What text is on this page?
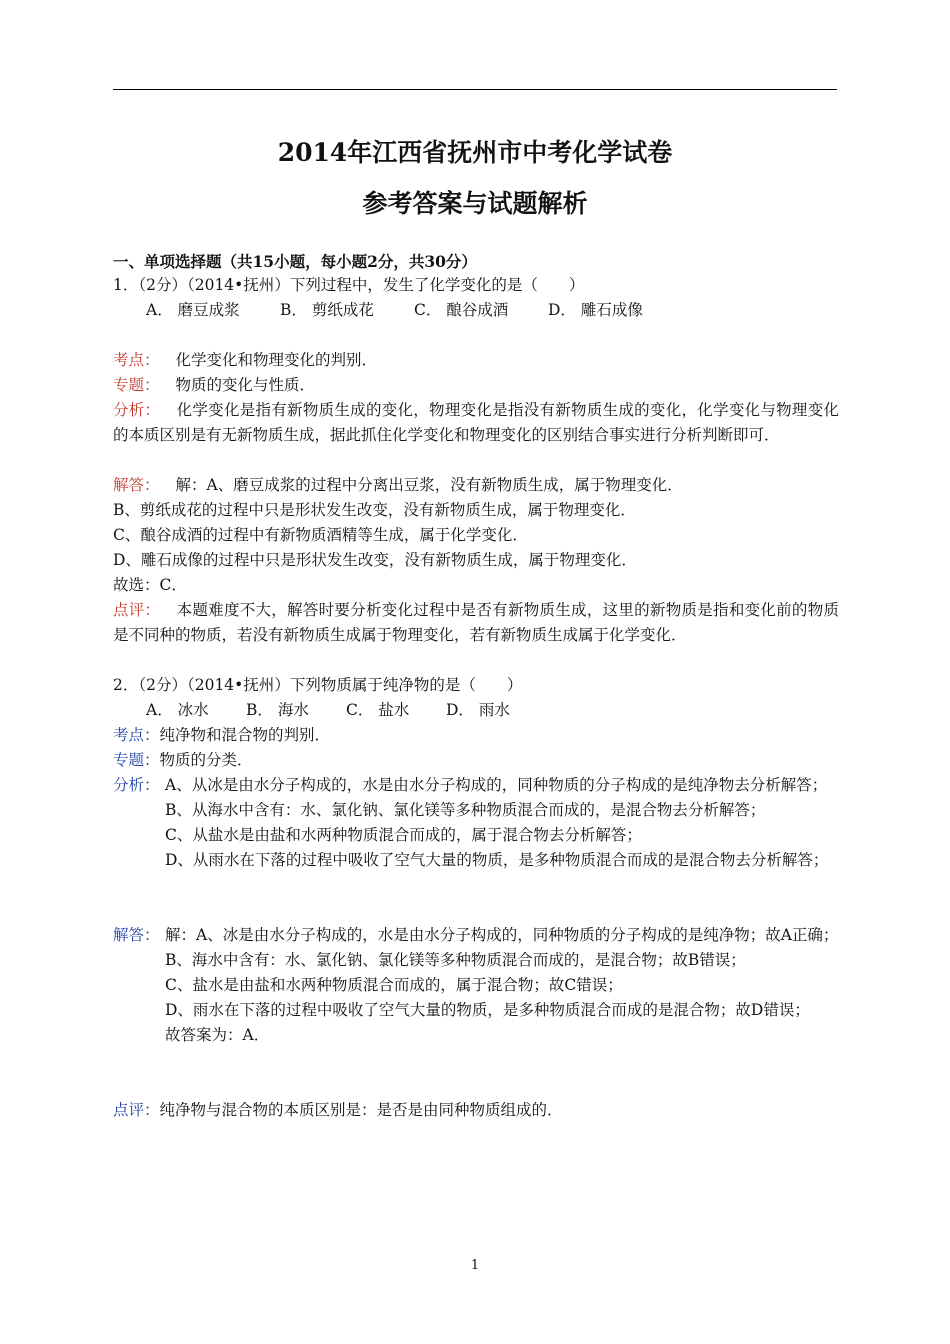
2014年江西省抚州市中考化学试卷
参考答案与试题解析
一、单项选择题（共15小题，每小题2分，共30分）
1．（2分）（2014•抚州）下列过程中，发生了化学变化的是（　　）
A． 磨豆成浆	B． 剪纸成花	C． 酿谷成酒	D． 雕石成像
考点： 化学变化和物理变化的判别．
专题： 物质的变化与性质．
分析： 化学变化是指有新物质生成的变化，物理变化是指没有新物质生成的变化，化学变化与物理变化的本质区别是有无新物质生成，据此抓住化学变化和物理变化的区别结合事实进行分析判断即可．
解答： 解：A、磨豆成浆的过程中分离出豆浆，没有新物质生成，属于物理变化．
B、剪纸成花的过程中只是形状发生改变，没有新物质生成，属于物理变化．
C、酿谷成酒的过程中有新物质酒精等生成，属于化学变化．
D、雕石成像的过程中只是形状发生改变，没有新物质生成，属于物理变化．
故选：C．
点评： 本题难度不大，解答时要分析变化过程中是否有新物质生成，这里的新物质是指和变化前的物质是不同种的物质，若没有新物质生成属于物理变化，若有新物质生成属于化学变化．
2．（2分）（2014•抚州）下列物质属于纯净物的是（　　）
A． 冰水 B． 海水 C． 盐水 D． 雨水
考点：纯净物和混合物的判别．
专题：物质的分类．
分析： A、从冰是由水分子构成的，水是由水分子构成的，同种物质的分子构成的是纯净物去分析解答；
B、从海水中含有：水、氯化钠、氯化镁等多种物质混合而成的，是混合物去分析解答；
C、从盐水是由盐和水两种物质混合而成的，属于混合物去分析解答；
D、从雨水在下落的过程中吸收了空气大量的物质，是多种物质混合而成的是混合物去分析解答；
解答： 解：A、冰是由水分子构成的，水是由水分子构成的，同种物质的分子构成的是纯净物；故A正确；
B、海水中含有：水、氯化钠、氯化镁等多种物质混合而成的，是混合物；故B错误；
C、盐水是由盐和水两种物质混合而成的，属于混合物；故C错误；
D、雨水在下落的过程中吸收了空气大量的物质，是多种物质混合而成的是混合物；故D错误；
故答案为：A．
点评：纯净物与混合物的本质区别是：是否是由同种物质组成的．
1
